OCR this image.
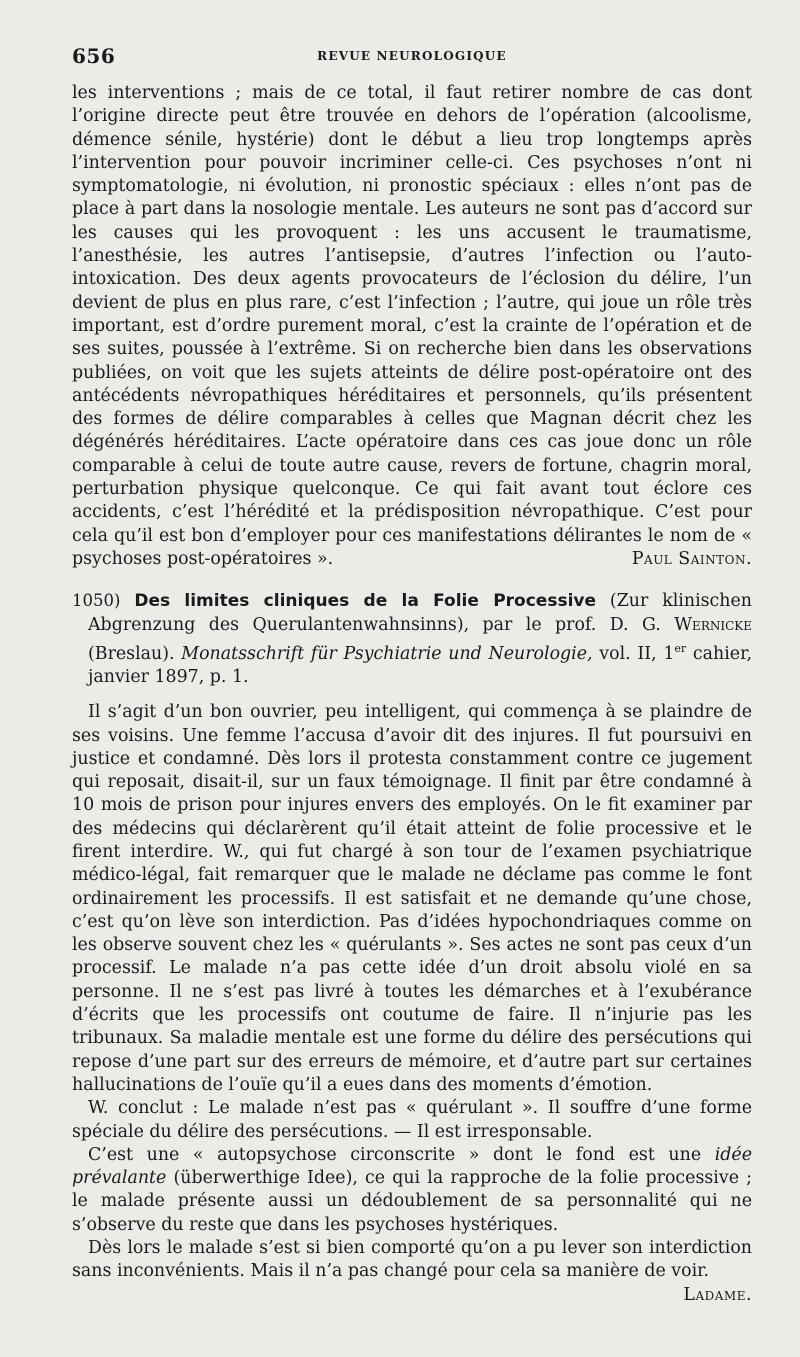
656	REVUE NEUROLOGIQUE

les interventions ; mais de ce total, il faut retirer nombre de cas dont l’origine directe peut être trouvée en dehors de l’opération (alcoolisme, démence sénile, hystérie) dont le début a lieu trop longtemps après l’intervention pour pouvoir incriminer celle-ci. Ces psychoses n’ont ni symptomatologie, ni évolution, ni pronostic spéciaux : elles n’ont pas de place à part dans la nosologie mentale. Les auteurs ne sont pas d’accord sur les causes qui les provoquent : les uns accusent le traumatisme, l’anesthésie, les autres l’antisepsie, d’autres l’infection ou l’auto-intoxication. Des deux agents provocateurs de l’éclosion du délire, l’un devient de plus en plus rare, c’est l’infection ; l’autre, qui joue un rôle très important, est d’ordre purement moral, c’est la crainte de l’opération et de ses suites, poussée à l’extrême. Si on recherche bien dans les observations publiées, on voit que les sujets atteints de délire post-opératoire ont des antécédents névropathiques héréditaires et personnels, qu’ils présentent des formes de délire comparables à celles que Magnan décrit chez les dégénérés héréditaires. L’acte opératoire dans ces cas joue donc un rôle comparable à celui de toute autre cause, revers de fortune, chagrin moral, perturbation physique quelconque. Ce qui fait avant tout éclore ces accidents, c’est l’hérédité et la prédisposition névropathique. C’est pour cela qu’il est bon d’employer pour ces manifestations délirantes le nom de « psychoses post-opératoires ».	Paul Sainton.

1050) Des limites cliniques de la Folie Processive (Zur klinischen Abgrenzung des Querulantenwahnsinns), par le prof. D. G. Wernicke (Breslau). Monatsschrift für Psychiatrie und Neurologie, vol. II, 1er cahier, janvier 1897, p. 1.

Il s’agit d’un bon ouvrier, peu intelligent, qui commença à se plaindre de ses voisins. Une femme l’accusa d’avoir dit des injures. Il fut poursuivi en justice et condamné. Dès lors il protesta constamment contre ce jugement qui reposait, disait-il, sur un faux témoignage. Il finit par être condamné à 10 mois de prison pour injures envers des employés. On le fit examiner par des médecins qui déclarèrent qu’il était atteint de folie processive et le firent interdire. W., qui fut chargé à son tour de l’examen psychiatrique médico-légal, fait remarquer que le malade ne déclame pas comme le font ordinairement les processifs. Il est satisfait et ne demande qu’une chose, c’est qu’on lève son interdiction. Pas d’idées hypochondriaques comme on les observe souvent chez les « quérulants ». Ses actes ne sont pas ceux d’un processif. Le malade n’a pas cette idée d’un droit absolu violé en sa personne. Il ne s’est pas livré à toutes les démarches et à l’exubérance d’écrits que les processifs ont coutume de faire. Il n’injurie pas les tribunaux. Sa maladie mentale est une forme du délire des persécutions qui repose d’une part sur des erreurs de mémoire, et d’autre part sur certaines hallucinations de l’ouïe qu’il a eues dans des moments d’émotion.

W. conclut : Le malade n’est pas « quérulant ». Il souffre d’une forme spéciale du délire des persécutions. — Il est irresponsable.

C’est une « autopsychose circonscrite » dont le fond est une idée prévalante (überwerthige Idee), ce qui la rapproche de la folie processive ; le malade présente aussi un dédoublement de sa personnalité qui ne s’observe du reste que dans les psychoses hystériques.

Dès lors le malade s’est si bien comporté qu’on a pu lever son interdiction sans inconvénients. Mais il n’a pas changé pour cela sa manière de voir.
Ladame.
